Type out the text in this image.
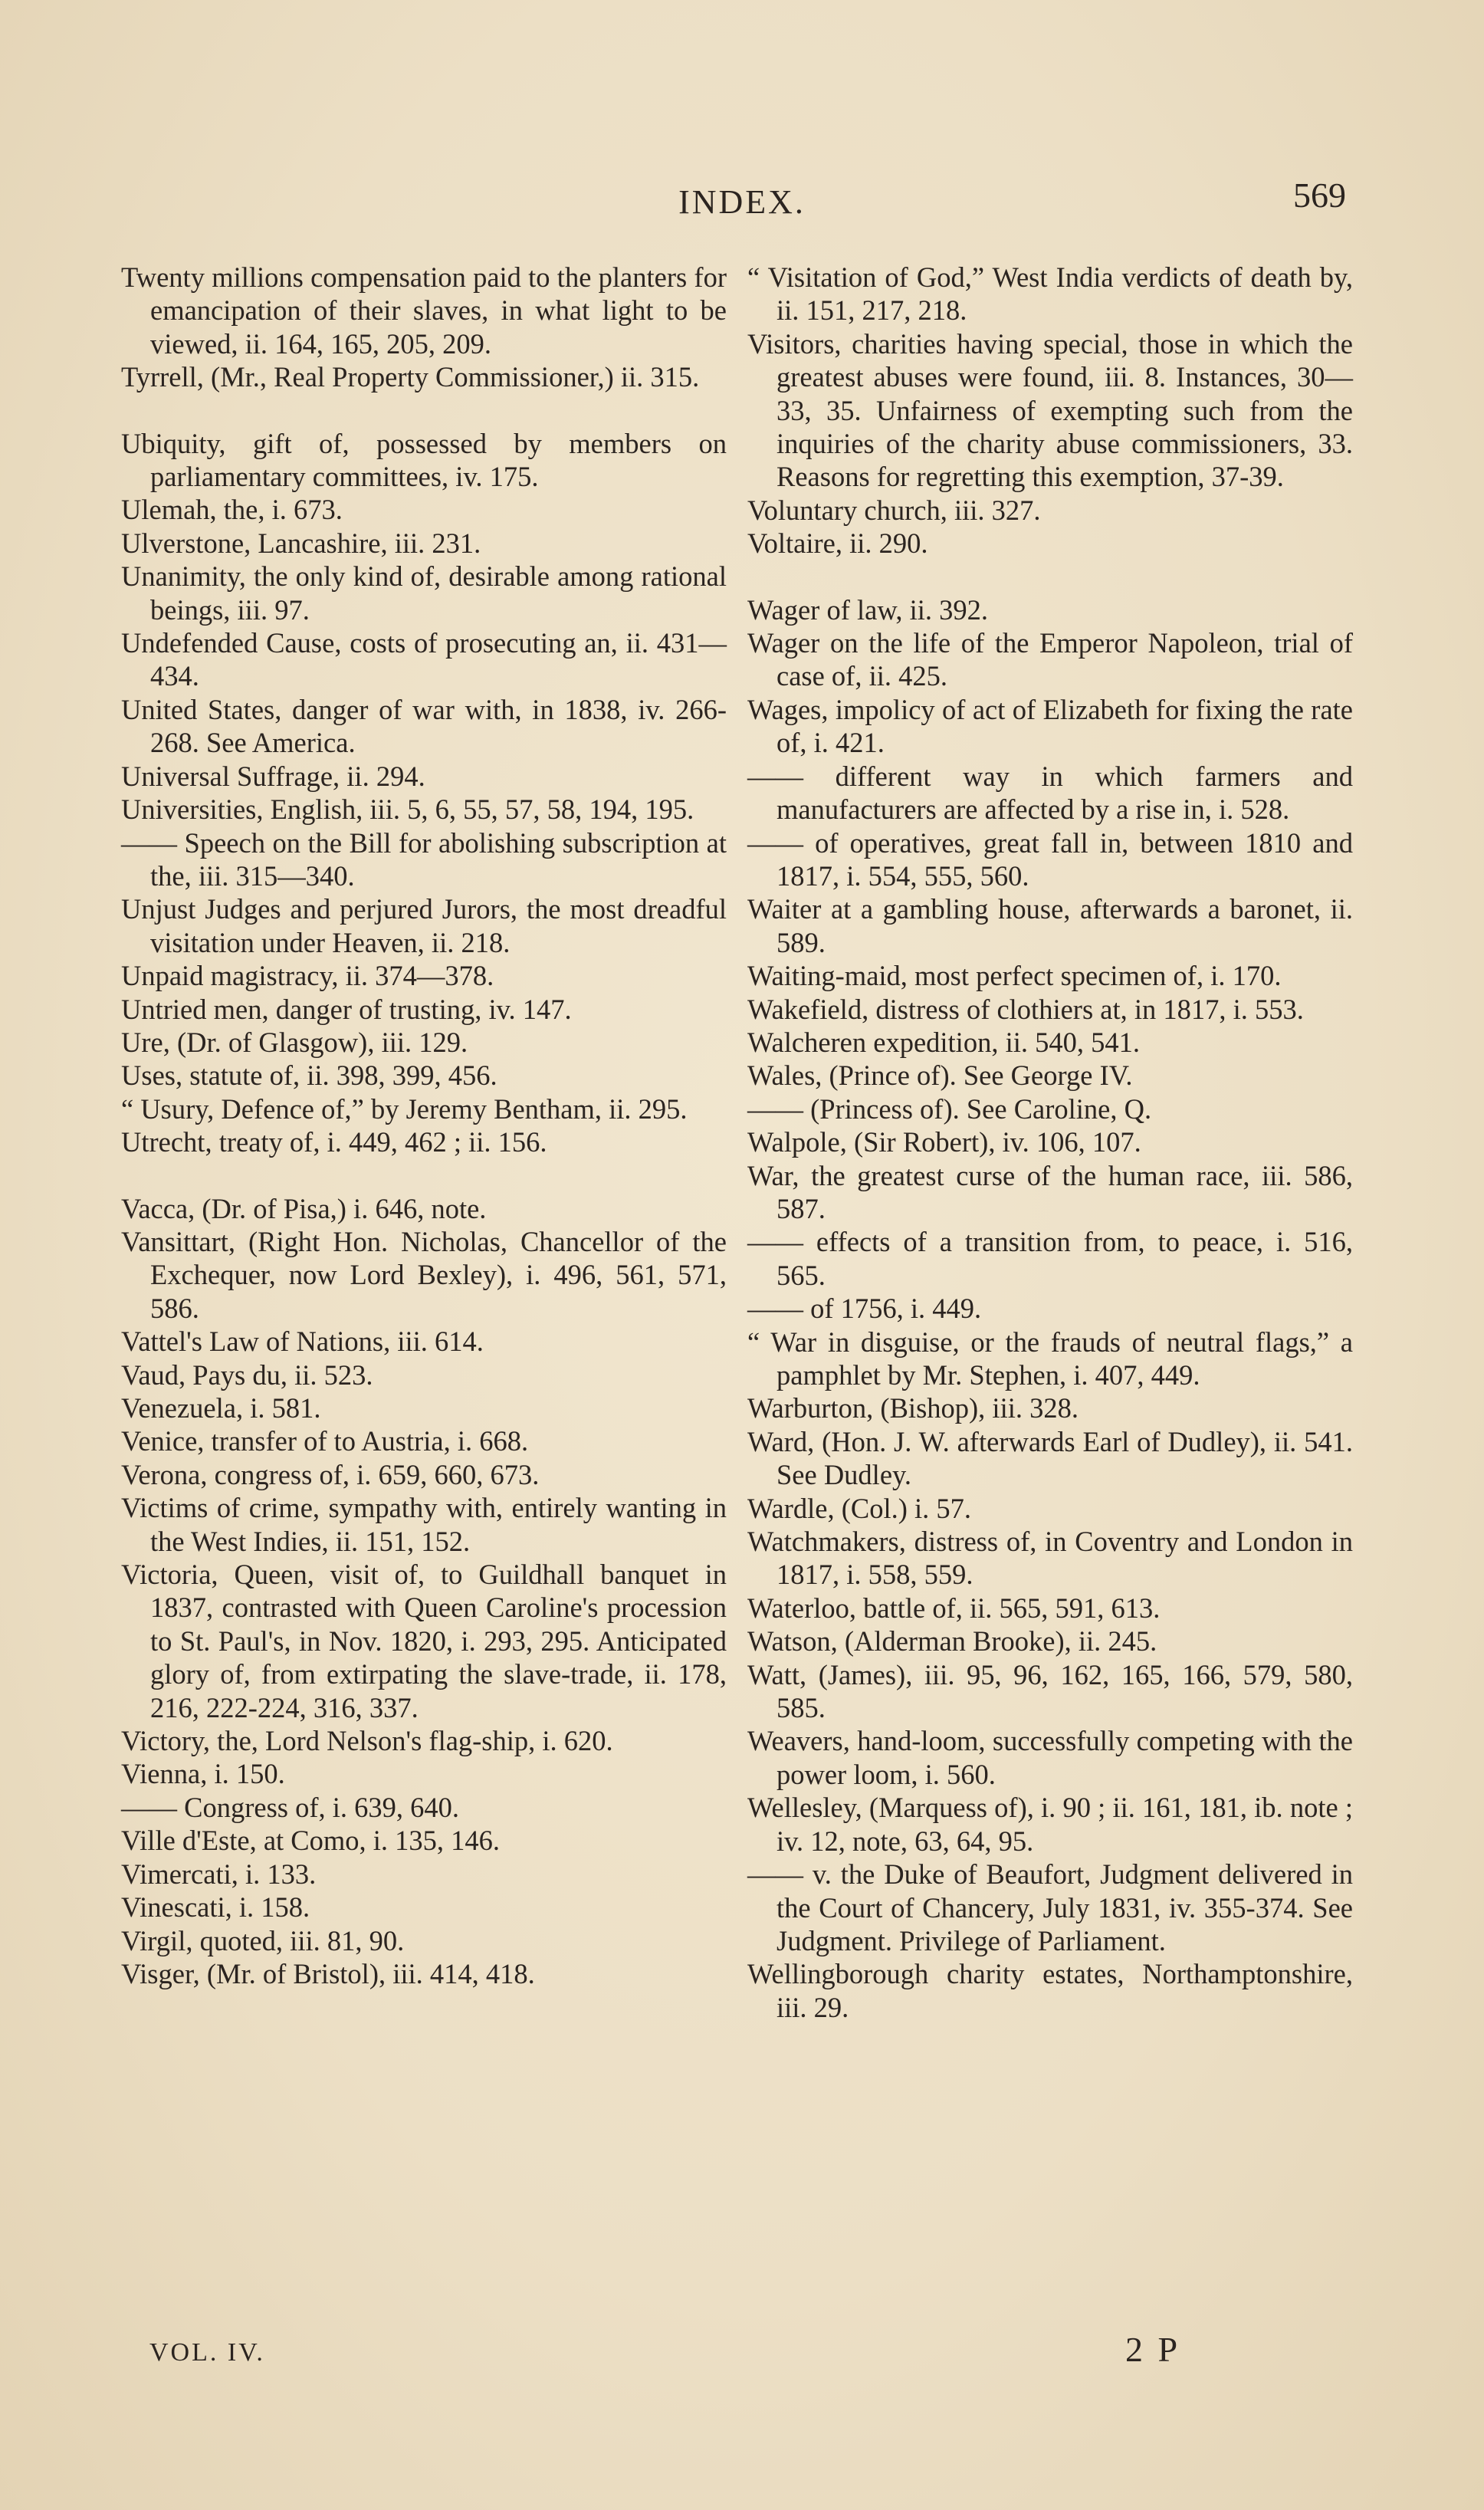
INDEX.	569

Twenty millions compensation paid to the planters for emancipation of their slaves, in what light to be viewed, ii. 164, 165, 205, 209.

Tyrrell, (Mr., Real Property Commissioner,) ii. 315.

Ubiquity, gift of, possessed by members on parliamentary committees, iv. 175.

Ulemah, the, i. 673.

Ulverstone, Lancashire, iii. 231.

Unanimity, the only kind of, desirable among rational beings, iii. 97.

Undefended Cause, costs of prosecuting an, ii. 431—434.

United States, danger of war with, in 1838, iv. 266-268. See America.

Universal Suffrage, ii. 294.

Universities, English, iii. 5, 6, 55, 57, 58, 194, 195.

—— Speech on the Bill for abolishing subscription at the, iii. 315—340.

Unjust Judges and perjured Jurors, the most dreadful visitation under Heaven, ii. 218.

Unpaid magistracy, ii. 374—378.

Untried men, danger of trusting, iv. 147.

Ure, (Dr. of Glasgow), iii. 129.

Uses, statute of, ii. 398, 399, 456.

“ Usury, Defence of,” by Jeremy Bentham, ii. 295.

Utrecht, treaty of, i. 449, 462 ; ii. 156.

Vacca, (Dr. of Pisa,) i. 646, note.

Vansittart, (Right Hon. Nicholas, Chancellor of the Exchequer, now Lord Bexley), i. 496, 561, 571, 586.

Vattel's Law of Nations, iii. 614.

Vaud, Pays du, ii. 523.

Venezuela, i. 581.

Venice, transfer of to Austria, i. 668.

Verona, congress of, i. 659, 660, 673.

Victims of crime, sympathy with, entirely wanting in the West Indies, ii. 151, 152.

Victoria, Queen, visit of, to Guildhall banquet in 1837, contrasted with Queen Caroline's procession to St. Paul's, in Nov. 1820, i. 293, 295. Anticipated glory of, from extirpating the slave-trade, ii. 178, 216, 222-224, 316, 337.

Victory, the, Lord Nelson's flag-ship, i. 620.

Vienna, i. 150.

—— Congress of, i. 639, 640.

Ville d'Este, at Como, i. 135, 146.

Vimercati, i. 133.

Vinescati, i. 158.

Virgil, quoted, iii. 81, 90.

Visger, (Mr. of Bristol), iii. 414, 418.

“ Visitation of God,” West India verdicts of death by, ii. 151, 217, 218.

Visitors, charities having special, those in which the greatest abuses were found, iii. 8. Instances, 30—33, 35. Unfairness of exempting such from the inquiries of the charity abuse commissioners, 33. Reasons for regretting this exemption, 37-39.

Voluntary church, iii. 327.

Voltaire, ii. 290.

Wager of law, ii. 392.

Wager on the life of the Emperor Napoleon, trial of case of, ii. 425.

Wages, impolicy of act of Elizabeth for fixing the rate of, i. 421.

—— different way in which farmers and manufacturers are affected by a rise in, i. 528.

—— of operatives, great fall in, between 1810 and 1817, i. 554, 555, 560.

Waiter at a gambling house, afterwards a baronet, ii. 589.

Waiting-maid, most perfect specimen of, i. 170.

Wakefield, distress of clothiers at, in 1817, i. 553.

Walcheren expedition, ii. 540, 541.

Wales, (Prince of). See George IV.

—— (Princess of). See Caroline, Q.

Walpole, (Sir Robert), iv. 106, 107.

War, the greatest curse of the human race, iii. 586, 587.

—— effects of a transition from, to peace, i. 516, 565.

—— of 1756, i. 449.

“ War in disguise, or the frauds of neutral flags,” a pamphlet by Mr. Stephen, i. 407, 449.

Warburton, (Bishop), iii. 328.

Ward, (Hon. J. W. afterwards Earl of Dudley), ii. 541. See Dudley.

Wardle, (Col.) i. 57.

Watchmakers, distress of, in Coventry and London in 1817, i. 558, 559.

Waterloo, battle of, ii. 565, 591, 613.

Watson, (Alderman Brooke), ii. 245.

Watt, (James), iii. 95, 96, 162, 165, 166, 579, 580, 585.

Weavers, hand-loom, successfully competing with the power loom, i. 560.

Wellesley, (Marquess of), i. 90 ; ii. 161, 181, ib. note ; iv. 12, note, 63, 64, 95.

—— v. the Duke of Beaufort, Judgment delivered in the Court of Chancery, July 1831, iv. 355-374. See Judgment. Privilege of Parliament.

Wellingborough charity estates, Northamptonshire, iii. 29.

VOL. IV.	2 P
